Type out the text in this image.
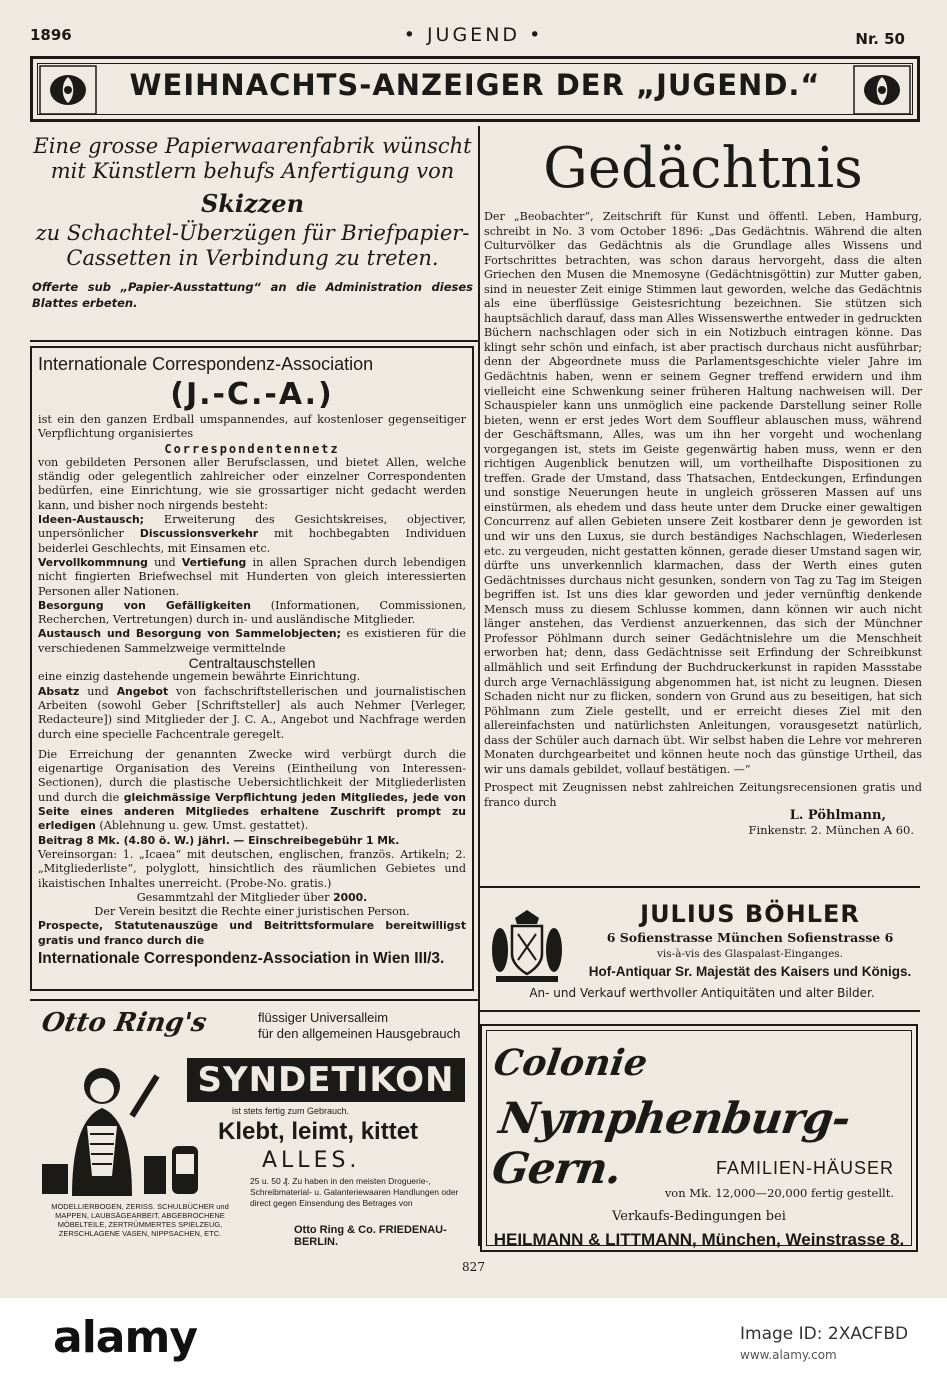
1896	• JUGEND •	Nr. 50
WEIHNACHTS-ANZEIGER DER „JUGEND.“
Eine grosse Papierwaarenfabrik wünscht mit Künstlern behufs Anfertigung von
Skizzen
zu Schachtel-Überzügen für Briefpapier-Cassetten in Verbindung zu treten.
Offerte sub „Papier-Ausstattung“ an die Administration dieses Blattes erbeten.
Internationale Correspondenz-Association
(J.-C.-A.)
ist ein den ganzen Erdball umspannendes, auf kostenloser gegenseitiger Verpflichtung organisiertes
Correspondentennetz
von gebildeten Personen aller Berufsclassen, und bietet Allen, welche ständig oder gelegentlich zahlreicher oder einzelner Correspondenten bedürfen, eine Einrichtung, wie sie grossartiger nicht gedacht werden kann, und bisher noch nirgends besteht:
Ideen-Austausch; Erweiterung des Gesichtskreises, objectiver, unpersönlicher Discussionsverkehr mit hochbegabten Individuen beiderlei Geschlechts, mit Einsamen etc.
Vervollkommnung und Vertiefung in allen Sprachen durch lebendigen nicht fingierten Briefwechsel mit Hunderten von gleich interessierten Personen aller Nationen.
Besorgung von Gefälligkeiten (Informationen, Commissionen, Recherchen, Vertretungen) durch in- und ausländische Mitglieder.
Austausch und Besorgung von Sammelobjecten; es existieren für die verschiedenen Sammelzweige vermittelnde
Centraltauschstellen
eine einzig dastehende ungemein bewährte Einrichtung.
Absatz und Angebot von fachschriftstellerischen und journalistischen Arbeiten (sowohl Geber [Schriftsteller] als auch Nehmer [Verleger, Redacteure]) sind Mitglieder der J. C. A., Angebot und Nachfrage werden durch eine specielle Fachcentrale geregelt.
Die Erreichung der genannten Zwecke wird verbürgt durch die eigenartige Organisation des Vereins (Eintheilung von Interessen-Sectionen), durch die plastische Uebersichtlichkeit der Mitgliederlisten und durch die gleichmässige Verpflichtung jeden Mitgliedes, jede von Seite eines anderen Mitgliedes erhaltene Zuschrift prompt zu erledigen (Ablehnung u. gew. Umst. gestattet).
Beitrag 8 Mk. (4.80 ö. W.) jährl. — Einschreibegebühr 1 Mk.
Vereinsorgan: 1. „Icaea“ mit deutschen, englischen, französ. Artikeln; 2. „Mitgliederliste“, polyglott, hinsichtlich des räumlichen Gebietes und ikaistischen Inhaltes unerreicht. (Probe-No. gratis.)
Gesammtzahl der Mitglieder über 2000.
Der Verein besitzt die Rechte einer juristischen Person.
Prospecte, Statutenauszüge und Beitrittsformulare bereitwilligst gratis und franco durch die
Internationale Correspondenz-Association in Wien III/3.
Gedächtnis
Der „Beobachter“, Zeitschrift für Kunst und öffentl. Leben, Hamburg, schreibt in No. 3 vom October 1896: „Das Gedächtnis. Während die alten Culturvölker das Gedächtnis als die Grundlage alles Wissens und Fortschrittes betrachten, was schon daraus hervorgeht, dass die alten Griechen den Musen die Mnemosyne (Gedächtnisgöttin) zur Mutter gaben, sind in neuester Zeit einige Stimmen laut geworden, welche das Gedächtnis als eine überflüssige Geistesrichtung bezeichnen. Sie stützen sich hauptsächlich darauf, dass man Alles Wissenswerthe entweder in gedruckten Büchern nachschlagen oder sich in ein Notizbuch eintragen könne. Das klingt sehr schön und einfach, ist aber practisch durchaus nicht ausführbar; denn der Abgeordnete muss die Parlamentsgeschichte vieler Jahre im Gedächtnis haben, wenn er seinem Gegner treffend erwidern und ihm vielleicht eine Schwenkung seiner früheren Haltung nachweisen will. Der Schauspieler kann uns unmöglich eine packende Darstellung seiner Rolle bieten, wenn er erst jedes Wort dem Souffleur ablauschen muss, während der Geschäftsmann, Alles, was um ihn her vorgeht und wochenlang vorgegangen ist, stets im Geiste gegenwärtig haben muss, wenn er den richtigen Augenblick benutzen will, um vortheilhafte Dispositionen zu treffen. Grade der Umstand, dass Thatsachen, Entdeckungen, Erfindungen und sonstige Neuerungen heute in ungleich grösseren Massen auf uns einstürmen, als ehedem und dass heute unter dem Drucke einer gewaltigen Concurrenz auf allen Gebieten unsere Zeit kostbarer denn je geworden ist und wir uns den Luxus, sie durch beständiges Nachschlagen, Wiederlesen etc. zu vergeuden, nicht gestatten können, gerade dieser Umstand sagen wir, dürfte uns unverkennlich klarmachen, dass der Werth eines guten Gedächtnisses durchaus nicht gesunken, sondern von Tag zu Tag im Steigen begriffen ist. Ist uns dies klar geworden und jeder vernünftig denkende Mensch muss zu diesem Schlusse kommen, dann können wir auch nicht länger anstehen, das Verdienst anzuerkennen, das sich der Münchner Professor Pöhlmann durch seiner Gedächtnislehre um die Menschheit erworben hat; denn, dass Gedächtnisse seit Erfindung der Schreibkunst allmählich und seit Erfindung der Buchdruckerkunst in rapiden Massstabe durch arge Vernachlässigung abgenommen hat, ist nicht zu leugnen. Diesen Schaden nicht nur zu flicken, sondern von Grund aus zu beseitigen, hat sich Pöhlmann zum Ziele gestellt, und er erreicht dieses Ziel mit den allereinfachsten und natürlichsten Anleitungen, vorausgesetzt natürlich, dass der Schüler auch darnach übt. Wir selbst haben die Lehre vor mehreren Monaten durchgearbeitet und können heute noch das günstige Urtheil, das wir uns damals gebildet, vollauf bestätigen. —“
Prospect mit Zeugnissen nebst zahlreichen Zeitungsrecensionen gratis und franco durch
L. Pöhlmann,
Finkenstr. 2. München A 60.
JULIUS BÖHLER
6 Sofienstrasse München Sofienstrasse 6
vis-à-vis des Glaspalast-Einganges.
Hof-Antiquar Sr. Majestät des Kaisers und Königs.
An- und Verkauf werthvoller Antiquitäten und alter Bilder.
Colonie
Nymphenburg-Gern.	FAMILIEN-HÄUSER
von Mk. 12,000—20,000 fertig gestellt.
Verkaufs-Bedingungen bei
HEILMANN & LITTMANN, München, Weinstrasse 8.
Otto Ring's	flüssiger Universalleim
für den allgemeinen Hausgebrauch
SYNDETIKON
ist stets fertig zum Gebrauch.
Klebt, leimt, kittet
ALLES.
25 u. 50 ₰. Zu haben in den meisten Droguerie-, Schreibmaterial- u. Galanteriewaaren Handlungen oder direct gegen Einsendung des Betrages von
MODELLIERBOGEN, ZERISS. SCHULBÜCHER und MAPPEN, LAUBSÄGEARBEIT, ABGEBROCHENE MÖBELTEILE, ZERTRÜMMERTES SPIELZEUG, ZERSCHLAGENE VASEN, NIPPSACHEN, ETC.	Otto Ring & Co. FRIEDENAU-BERLIN.
827
alamy	Image ID: 2XACFBD
www.alamy.com
